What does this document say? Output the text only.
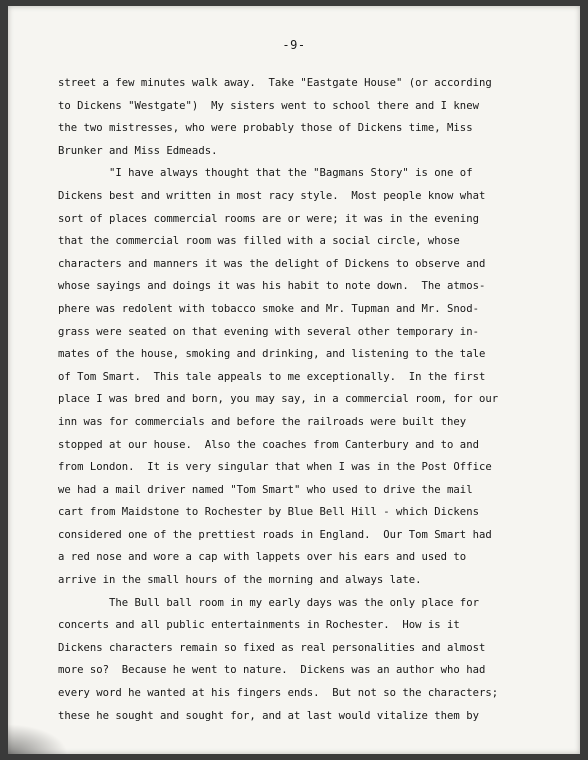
-9-
street a few minutes walk away.  Take "Eastgate House" (or according
to Dickens "Westgate")  My sisters went to school there and I knew
the two mistresses, who were probably those of Dickens time, Miss
Brunker and Miss Edmeads.
"I have always thought that the "Bagmans Story" is one of
Dickens best and written in most racy style.  Most people know what
sort of places commercial rooms are or were; it was in the evening
that the commercial room was filled with a social circle, whose
characters and manners it was the delight of Dickens to observe and
whose sayings and doings it was his habit to note down.  The atmos-
phere was redolent with tobacco smoke and Mr. Tupman and Mr. Snod-
grass were seated on that evening with several other temporary in-
mates of the house, smoking and drinking, and listening to the tale
of Tom Smart.  This tale appeals to me exceptionally.  In the first
place I was bred and born, you may say, in a commercial room, for our
inn was for commercials and before the railroads were built they
stopped at our house.  Also the coaches from Canterbury and to and
from London.  It is very singular that when I was in the Post Office
we had a mail driver named "Tom Smart" who used to drive the mail
cart from Maidstone to Rochester by Blue Bell Hill - which Dickens
considered one of the prettiest roads in England.  Our Tom Smart had
a red nose and wore a cap with lappets over his ears and used to
arrive in the small hours of the morning and always late.
The Bull ball room in my early days was the only place for
concerts and all public entertainments in Rochester.  How is it
Dickens characters remain so fixed as real personalities and almost
more so?  Because he went to nature.  Dickens was an author who had
every word he wanted at his fingers ends.  But not so the characters;
these he sought and sought for, and at last would vitalize them by
